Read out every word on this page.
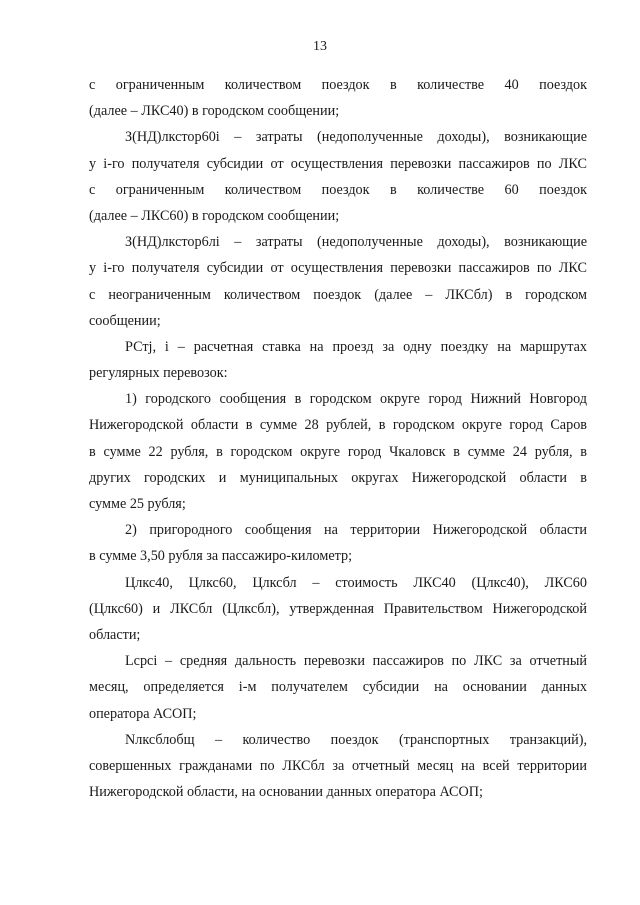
13
с ограниченным количеством поездок в количестве 40 поездок
(далее – ЛКС40) в городском сообщении;
З(НД)лкстор60і – затраты (недополученные доходы), возникающие
у і-го получателя субсидии от осуществления перевозки пассажиров по ЛКС
с ограниченным количеством поездок в количестве 60 поездок
(далее – ЛКС60) в городском сообщении;
З(НД)лкстор6лі – затраты (недополученные доходы), возникающие
у і-го получателя субсидии от осуществления перевозки пассажиров по ЛКС
с неограниченным количеством поездок (далее – ЛКСбл) в городском
сообщении;
РСтj, і – расчетная ставка на проезд за одну поездку на маршрутах
регулярных перевозок:
1) городского сообщения в городском округе город Нижний Новгород
Нижегородской области в сумме 28 рублей, в городском округе город Саров
в сумме 22 рубля, в городском округе город Чкаловск в сумме 24 рубля, в
других городских и муниципальных округах Нижегородской области в
сумме 25 рубля;
2) пригородного сообщения на территории Нижегородской области
в сумме 3,50 рубля за пассажиро-километр;
Цлкс40, Цлкс60, Цлксбл – стоимость ЛКС40 (Цлкс40), ЛКС60
(Цлкс60) и ЛКСбл (Цлксбл), утвержденная Правительством Нижегородской
области;
Lсрсі – средняя дальность перевозки пассажиров по ЛКС за отчетный
месяц, определяется і-м получателем субсидии на основании данных
оператора АСОП;
Nлксблобщ – количество поездок (транспортных транзакций),
совершенных гражданами по ЛКСбл за отчетный месяц на всей территории
Нижегородской области, на основании данных оператора АСОП;
